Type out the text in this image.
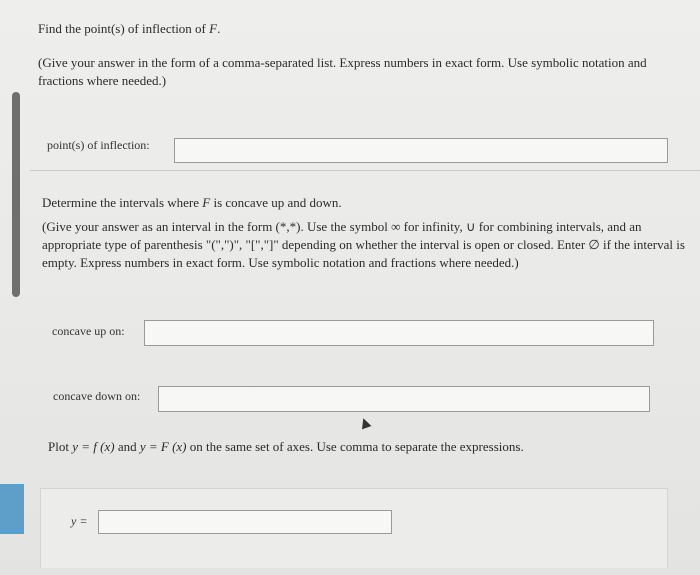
Find the point(s) of inflection of F.
(Give your answer in the form of a comma-separated list. Express numbers in exact form. Use symbolic notation and fractions where needed.)
point(s) of inflection:
Determine the intervals where F is concave up and down.
(Give your answer as an interval in the form (*,*). Use the symbol ∞ for infinity, ∪ for combining intervals, and an appropriate type of parenthesis "(",")", "[","]" depending on whether the interval is open or closed. Enter ∅ if the interval is empty. Express numbers in exact form. Use symbolic notation and fractions where needed.)
concave up on:
concave down on:
Plot y = f (x) and y = F (x) on the same set of axes. Use comma to separate the expressions.
y =
